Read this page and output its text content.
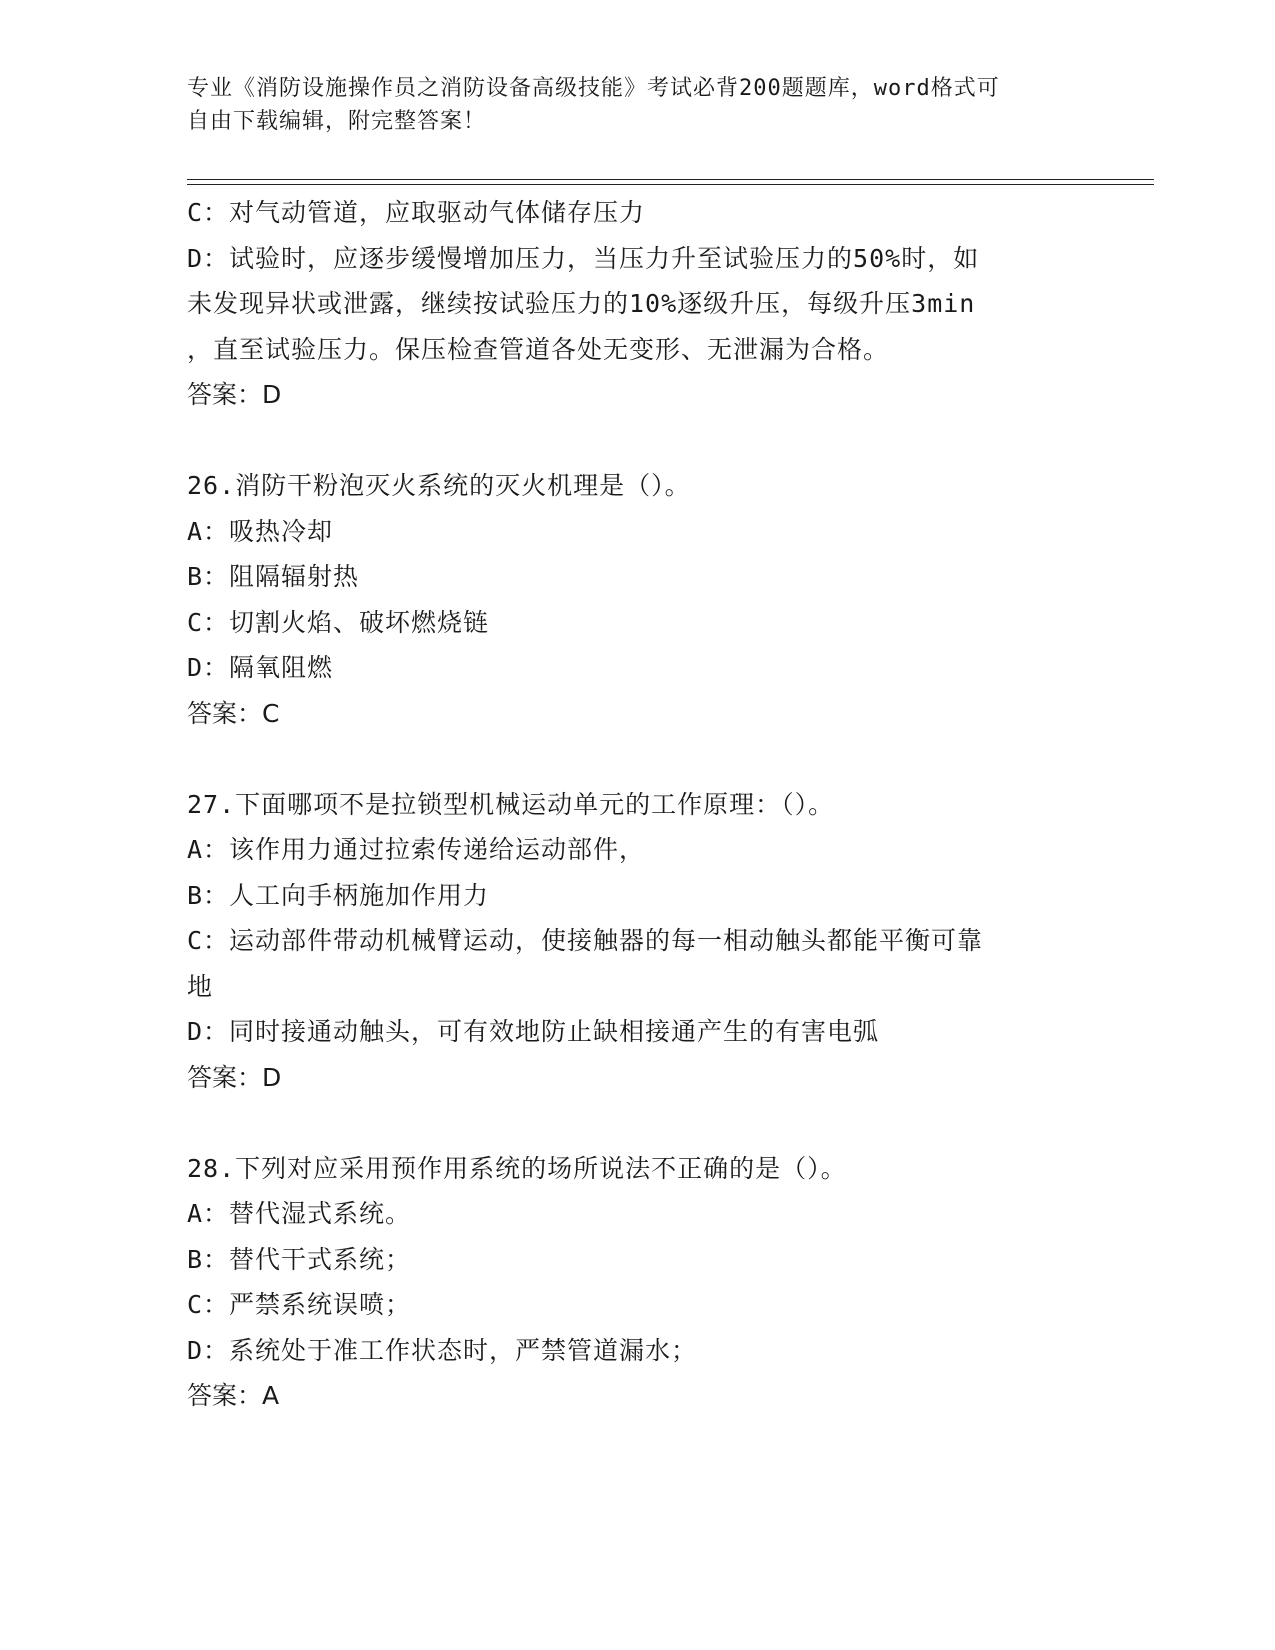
专业《消防设施操作员之消防设备高级技能》考试必背200题题库，word格式可
自由下载编辑，附完整答案！
C：对气动管道，应取驱动气体储存压力
D：试验时，应逐步缓慢增加压力，当压力升至试验压力的50%时，如
未发现异状或泄露，继续按试验压力的10%逐级升压，每级升压3min
，直至试验压力。保压检查管道各处无变形、无泄漏为合格。
答案：D
26.消防干粉泡灭火系统的灭火机理是（）。
A：吸热冷却
B：阻隔辐射热
C：切割火焰、破坏燃烧链
D：隔氧阻燃
答案：C
27.下面哪项不是拉锁型机械运动单元的工作原理：（）。
A：该作用力通过拉索传递给运动部件，
B：人工向手柄施加作用力
C：运动部件带动机械臂运动，使接触器的每一相动触头都能平衡可靠
地
D：同时接通动触头，可有效地防止缺相接通产生的有害电弧
答案：D
28.下列对应采用预作用系统的场所说法不正确的是（）。
A：替代湿式系统。
B：替代干式系统；
C：严禁系统误喷；
D：系统处于准工作状态时，严禁管道漏水；
答案：A
